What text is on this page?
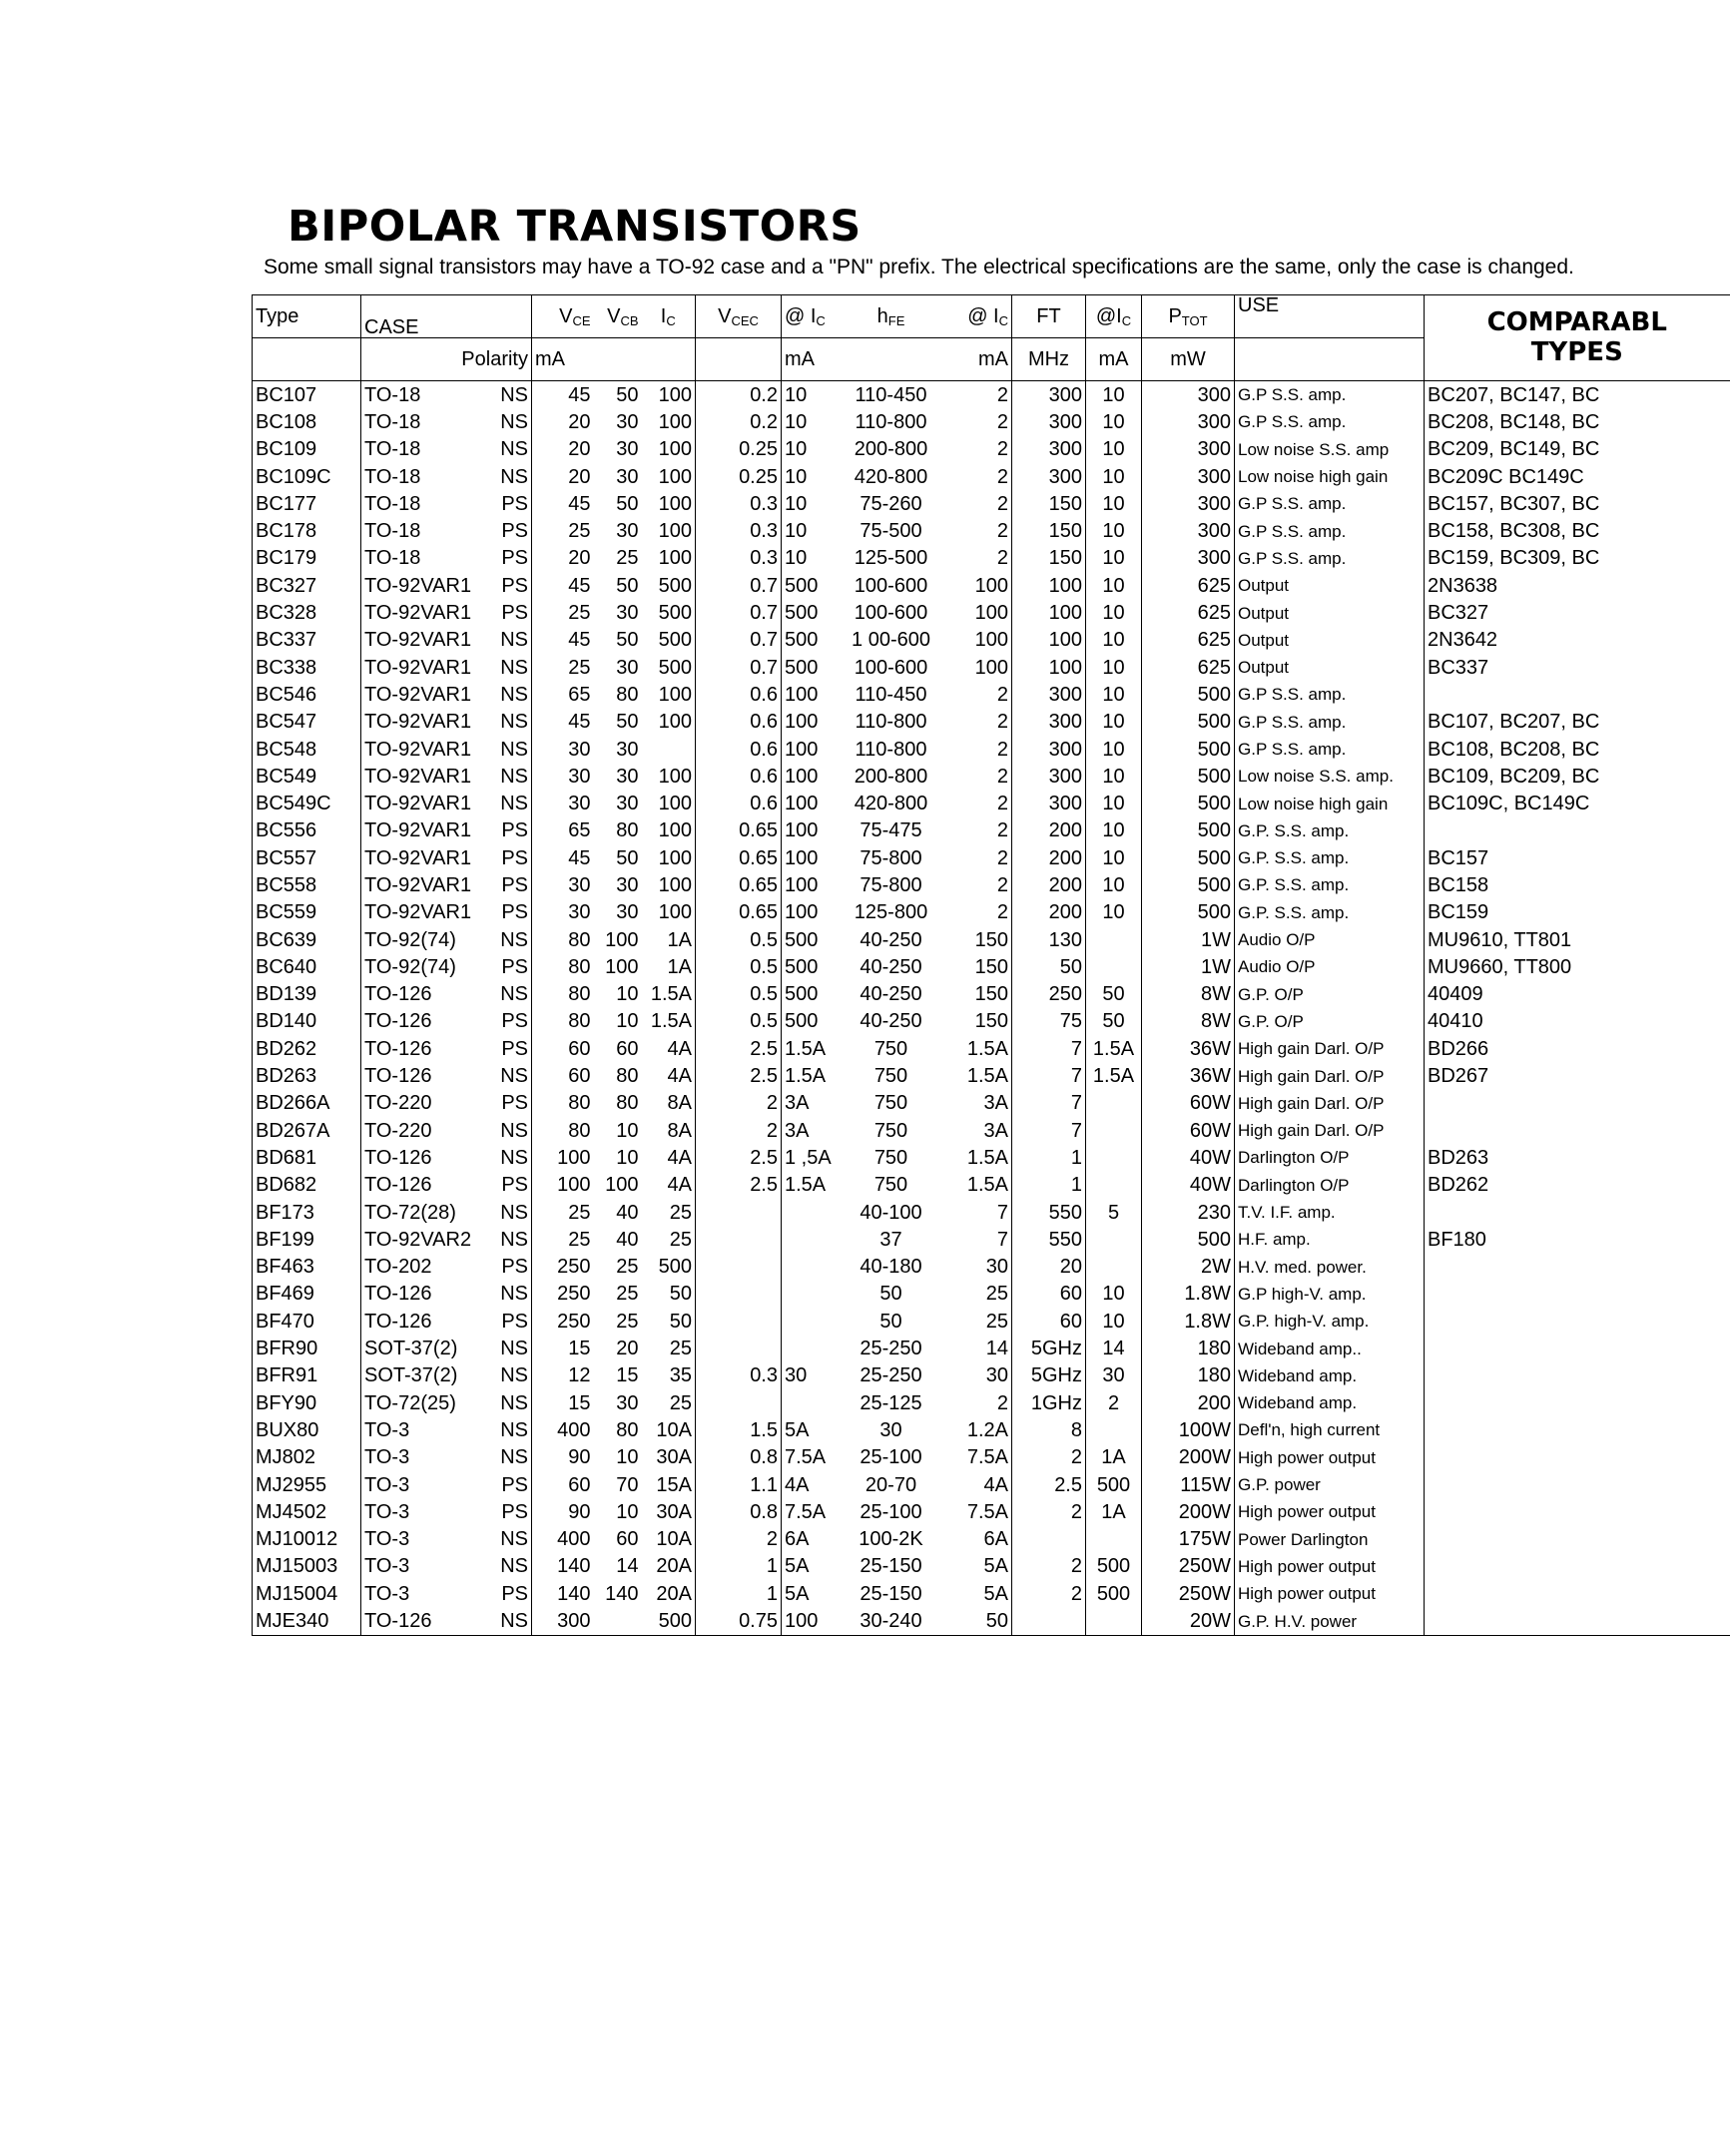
BIPOLAR TRANSISTORS

Some small signal transistors may have a TO-92 case and a "PN" prefix. The electrical specifications are the same, only the case is changed.

Type	CASE	$V_{CE}$	$V_{CB}$	$I_C$	$V_{CEC}$	@ $I_C$	$h_{FE}$	@ $I_C$	FT	$@I_C$	$P_{TOT}$	USE	COMPARABL
TYPES

	Polarity	mA				mA		mA	MHz	mA	mW		
BC107	TO-18 NS	45	50	100	0.2	10	110-450	2	300	10	300	G.P S.S. amp.	BC207, BC147, BC
BC108	TO-18 NS	20	30	100	0.2	10	110-800	2	300	10	300	G.P S.S. amp.	BC208, BC148, BC
BC109	TO-18 NS	20	30	100	0.25	10	200-800	2	300	10	300	Low noise S.S. amp	BC209, BC149, BC
BC109C	TO-18 NS	20	30	100	0.25	10	420-800	2	300	10	300	Low noise high gain	BC209C BC149C
BC177	TO-18 PS	45	50	100	0.3	10	75-260	2	150	10	300	G.P S.S. amp.	BC157, BC307, BC
BC178	TO-18 PS	25	30	100	0.3	10	75-500	2	150	10	300	G.P S.S. amp.	BC158, BC308, BC
BC179	TO-18 PS	20	25	100	0.3	10	125-500	2	150	10	300	G.P S.S. amp.	BC159, BC309, BC
BC327	TO-92VAR1 PS	45	50	500	0.7	500	100-600	100	100	10	625	Output	2N3638
BC328	TO-92VAR1 PS	25	30	500	0.7	500	100-600	100	100	10	625	Output	BC327
BC337	TO-92VAR1 NS	45	50	500	0.7	500	1 00-600	100	100	10	625	Output	2N3642
BC338	TO-92VAR1 NS	25	30	500	0.7	500	100-600	100	100	10	625	Output	BC337
BC546	TO-92VAR1 NS	65	80	100	0.6	100	110-450	2	300	10	500	G.P S.S. amp.	
BC547	TO-92VAR1 NS	45	50	100	0.6	100	110-800	2	300	10	500	G.P S.S. amp.	BC107, BC207, BC
BC548	TO-92VAR1 NS	30	30		0.6	100	110-800	2	300	10	500	G.P S.S. amp.	BC108, BC208, BC
BC549	TO-92VAR1 NS	30	30	100	0.6	100	200-800	2	300	10	500	Low noise S.S. amp.	BC109, BC209, BC
BC549C	TO-92VAR1 NS	30	30	100	0.6	100	420-800	2	300	10	500	Low noise high gain	BC109C, BC149C
BC556	TO-92VAR1 PS	65	80	100	0.65	100	75-475	2	200	10	500	G.P. S.S. amp.	
BC557	TO-92VAR1 PS	45	50	100	0.65	100	75-800	2	200	10	500	G.P. S.S. amp.	BC157
BC558	TO-92VAR1 PS	30	30	100	0.65	100	75-800	2	200	10	500	G.P. S.S. amp.	BC158
BC559	TO-92VAR1 PS	30	30	100	0.65	100	125-800	2	200	10	500	G.P. S.S. amp.	BC159
BC639	TO-92(74) NS	80	100	1A	0.5	500	40-250	150	130		1W	Audio O/P	MU9610, TT801
BC640	TO-92(74) PS	80	100	1A	0.5	500	40-250	150	50		1W	Audio O/P	MU9660, TT800
BD139	TO-126 NS	80	10	1.5A	0.5	500	40-250	150	250	50	8W	G.P. O/P	40409
BD140	TO-126 PS	80	10	1.5A	0.5	500	40-250	150	75	50	8W	G.P. O/P	40410
BD262	TO-126 PS	60	60	4A	2.5	1.5A	750	1.5A	7	1.5A	36W	High gain Darl. O/P	BD266
BD263	TO-126 NS	60	80	4A	2.5	1.5A	750	1.5A	7	1.5A	36W	High gain Darl. O/P	BD267
BD266A	TO-220 PS	80	80	8A	2	3A	750	3A	7		60W	High gain Darl. O/P	
BD267A	TO-220 NS	80	10	8A	2	3A	750	3A	7		60W	High gain Darl. O/P	
BD681	TO-126 NS	100	10	4A	2.5	1 ,5A	750	1.5A	1		40W	Darlington O/P	BD263
BD682	TO-126 PS	100	100	4A	2.5	1.5A	750	1.5A	1		40W	Darlington O/P	BD262
BF173	TO-72(28) NS	25	40	25			40-100	7	550	5	230	T.V. I.F. amp.	
BF199	TO-92VAR2 NS	25	40	25			37	7	550		500	H.F. amp.	BF180
BF463	TO-202 PS	250	25	500			40-180	30	20		2W	H.V. med. power.	
BF469	TO-126 NS	250	25	50			50	25	60	10	1.8W	G.P high-V. amp.	
BF470	TO-126 PS	250	25	50			50	25	60	10	1.8W	G.P. high-V. amp.	
BFR90	SOT-37(2) NS	15	20	25			25-250	14	5GHz	14	180	Wideband amp..	
BFR91	SOT-37(2) NS	12	15	35	0.3	30	25-250	30	5GHz	30	180	Wideband amp.	
BFY90	TO-72(25) NS	15	30	25			25-125	2	1GHz	2	200	Wideband amp.	
BUX80	TO-3 NS	400	80	10A	1.5	5A	30	1.2A	8		100W	Defl'n, high current	
MJ802	TO-3 NS	90	10	30A	0.8	7.5A	25-100	7.5A	2	1A	200W	High power output	
MJ2955	TO-3 PS	60	70	15A	1.1	4A	20-70	4A	2.5	500	115W	G.P. power	
MJ4502	TO-3 PS	90	10	30A	0.8	7.5A	25-100	7.5A	2	1A	200W	High power output	
MJ10012	TO-3 NS	400	60	10A	2	6A	100-2K	6A			175W	Power Darlington	
MJ15003	TO-3 NS	140	14	20A	1	5A	25-150	5A	2	500	250W	High power output	
MJ15004	TO-3 PS	140	140	20A	1	5A	25-150	5A	2	500	250W	High power output	
MJE340	TO-126 NS	300		500	0.75	100	30-240	50			20W	G.P. H.V. power	
